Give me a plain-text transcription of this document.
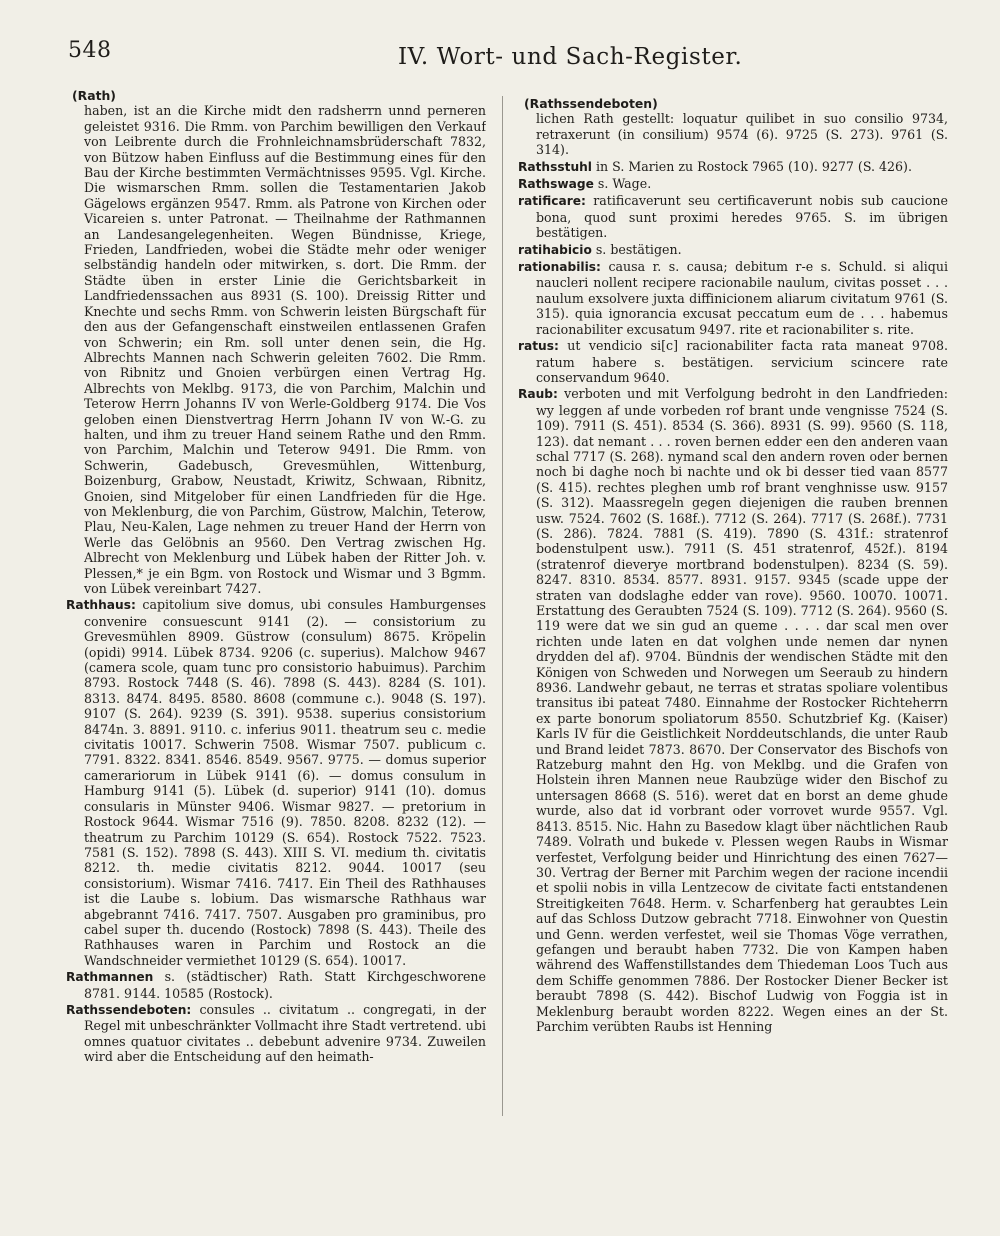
548	IV. Wort- und Sach-Register.
(Rath)

haben, ist an die Kirche midt den radsherrn unnd perneren geleistet 9316. Die Rmm. von Parchim bewilligen den Verkauf von Leibrente durch die Frohnleichnamsbrüderschaft 7832, von Bützow haben Einfluss auf die Bestimmung eines für den Bau der Kirche bestimmten Vermächtnisses 9595. Vgl. Kirche. Die wismarschen Rmm. sollen die Testamentarien Jakob Gägelows ergänzen 9547. Rmm. als Patrone von Kirchen oder Vicareien s. unter Patronat. — Theilnahme der Rathmannen an Landesangelegenheiten. Wegen Bündnisse, Kriege, Frieden, Landfrieden, wobei die Städte mehr oder weniger selbständig handeln oder mitwirken, s. dort. Die Rmm. der Städte üben in erster Linie die Gerichtsbarkeit in Landfriedenssachen aus 8931 (S. 100). Dreissig Ritter und Knechte und sechs Rmm. von Schwerin leisten Bürgschaft für den aus der Gefangenschaft einstweilen entlassenen Grafen von Schwerin; ein Rm. soll unter denen sein, die Hg. Albrechts Mannen nach Schwerin geleiten 7602. Die Rmm. von Ribnitz und Gnoien verbürgen einen Vertrag Hg. Albrechts von Meklbg. 9173, die von Parchim, Malchin und Teterow Herrn Johanns IV von Werle-Goldberg 9174. Die Vos geloben einen Dienstvertrag Herrn Johann IV von W.-G. zu halten, und ihm zu treuer Hand seinem Rathe und den Rmm. von Parchim, Malchin und Teterow 9491. Die Rmm. von Schwerin, Gadebusch, Grevesmühlen, Wittenburg, Boizenburg, Grabow, Neustadt, Kriwitz, Schwaan, Ribnitz, Gnoien, sind Mitgelober für einen Landfrieden für die Hge. von Meklenburg, die von Parchim, Güstrow, Malchin, Teterow, Plau, Neu-Kalen, Lage nehmen zu treuer Hand der Herrn von Werle das Gelöbnis an 9560. Den Vertrag zwischen Hg. Albrecht von Meklenburg und Lübek haben der Ritter Joh. v. Plessen,* je ein Bgm. von Rostock und Wismar und 3 Bgmm. von Lübek vereinbart 7427.

Rathhaus: capitolium sive domus, ubi consules Hamburgenses convenire consuescunt 9141 (2). — consistorium zu Grevesmühlen 8909. Güstrow (consulum) 8675. Kröpelin (opidi) 9914. Lübek 8734. 9206 (c. superius). Malchow 9467 (camera scole, quam tunc pro consistorio habuimus). Parchim 8793. Rostock 7448 (S. 46). 7898 (S. 443). 8284 (S. 101). 8313. 8474. 8495. 8580. 8608 (commune c.). 9048 (S. 197). 9107 (S. 264). 9239 (S. 391). 9538. superius consistorium 8474n. 3. 8891. 9110. c. inferius 9011. theatrum seu c. medie civitatis 10017. Schwerin 7508. Wismar 7507. publicum c. 7791. 8322. 8341. 8546. 8549. 9567. 9775. — domus superior camerariorum in Lübek 9141 (6). — domus consulum in Hamburg 9141 (5). Lübek (d. superior) 9141 (10). domus consularis in Münster 9406. Wismar 9827. — pretorium in Rostock 9644. Wismar 7516 (9). 7850. 8208. 8232 (12). — theatrum zu Parchim 10129 (S. 654). Rostock 7522. 7523. 7581 (S. 152). 7898 (S. 443). XIII S. VI. medium th. civitatis 8212. th. medie civitatis 8212. 9044. 10017 (seu consistorium). Wismar 7416. 7417. Ein Theil des Rathhauses ist die Laube s. lobium. Das wismarsche Rathhaus war abgebrannt 7416. 7417. 7507. Ausgaben pro graminibus, pro cabel super th. ducendo (Rostock) 7898 (S. 443). Theile des Rathhauses waren in Parchim und Rostock an die Wandschneider vermiethet 10129 (S. 654). 10017.

Rathmannen s. (städtischer) Rath. Statt Kirchgeschworene 8781. 9144. 10585 (Rostock).

Rathssendeboten: consules .. civitatum .. congregati, in der Regel mit unbeschränkter Vollmacht ihre Stadt vertretend. ubi omnes quatuor civitates .. debebunt advenire 9734. Zuweilen wird aber die Entscheidung auf den heimath-

(Rathssendeboten)

lichen Rath gestellt: loquatur quilibet in suo consilio 9734, retraxerunt (in consilium) 9574 (6). 9725 (S. 273). 9761 (S. 314).

Rathsstuhl in S. Marien zu Rostock 7965 (10). 9277 (S. 426).

Rathswage s. Wage.

ratificare: ratificaverunt seu certificaverunt nobis sub caucione bona, quod sunt proximi heredes 9765. S. im übrigen bestätigen.

ratihabicio s. bestätigen.

rationabilis: causa r. s. causa; debitum r-e s. Schuld. si aliqui naucleri nollent recipere racionabile naulum, civitas posset . . . naulum exsolvere juxta diffinicionem aliarum civitatum 9761 (S. 315). quia ignorancia excusat peccatum eum de . . . habemus racionabiliter excusatum 9497. rite et racionabiliter s. rite.

ratus: ut vendicio si[c] racionabiliter facta rata maneat 9708. ratum habere s. bestätigen. servicium scincere rate conservandum 9640.

Raub: verboten und mit Verfolgung bedroht in den Landfrieden: wy leggen af unde vorbeden rof brant unde vengnisse 7524 (S. 109). 7911 (S. 451). 8534 (S. 366). 8931 (S. 99). 9560 (S. 118, 123). dat nemant . . . roven bernen edder een den anderen vaan schal 7717 (S. 268). nymand scal den andern roven oder bernen noch bi daghe noch bi nachte und ok bi desser tied vaan 8577 (S. 415). rechtes pleghen umb rof brant venghnisse usw. 9157 (S. 312). Maassregeln gegen diejenigen die rauben brennen usw. 7524. 7602 (S. 168f.). 7712 (S. 264). 7717 (S. 268f.). 7731 (S. 286). 7824. 7881 (S. 419). 7890 (S. 431f.: stratenrof bodenstulpent usw.). 7911 (S. 451 stratenrof, 452f.). 8194 (stratenrof dieverye mortbrand bodenstulpen). 8234 (S. 59). 8247. 8310. 8534. 8577. 8931. 9157. 9345 (scade uppe der straten van dodslaghe edder van rove). 9560. 10070. 10071. Erstattung des Geraubten 7524 (S. 109). 7712 (S. 264). 9560 (S. 119 were dat we sin gud an queme . . . . dar scal men over richten unde laten en dat volghen unde nemen dar nynen drydden del af). 9704. Bündnis der wendischen Städte mit den Königen von Schweden und Norwegen um Seeraub zu hindern 8936. Landwehr gebaut, ne terras et stratas spoliare volentibus transitus ibi pateat 7480. Einnahme der Rostocker Richteherrn ex parte bonorum spoliatorum 8550. Schutzbrief Kg. (Kaiser) Karls IV für die Geistlichkeit Norddeutschlands, die unter Raub und Brand leidet 7873. 8670. Der Conservator des Bischofs von Ratzeburg mahnt den Hg. von Meklbg. und die Grafen von Holstein ihren Mannen neue Raubzüge wider den Bischof zu untersagen 8668 (S. 516). weret dat en borst an deme ghude wurde, also dat id vorbrant oder vorrovet wurde 9557. Vgl. 8413. 8515. Nic. Hahn zu Basedow klagt über nächtlichen Raub 7489. Volrath und bukede v. Plessen wegen Raubs in Wismar verfestet, Verfolgung beider und Hinrichtung des einen 7627—30. Vertrag der Berner mit Parchim wegen der racione incendii et spolii nobis in villa Lentzecow de civitate facti entstandenen Streitigkeiten 7648. Herm. v. Scharfenberg hat geraubtes Lein auf das Schloss Dutzow gebracht 7718. Einwohner von Questin und Genn. werden verfestet, weil sie Thomas Vöge verrathen, gefangen und beraubt haben 7732. Die von Kampen haben während des Waffenstillstandes dem Thiedeman Loos Tuch aus dem Schiffe genommen 7886. Der Rostocker Diener Becker ist beraubt 7898 (S. 442). Bischof Ludwig von Foggia ist in Meklenburg beraubt worden 8222. Wegen eines an der St. Parchim verübten Raubs ist Henning
